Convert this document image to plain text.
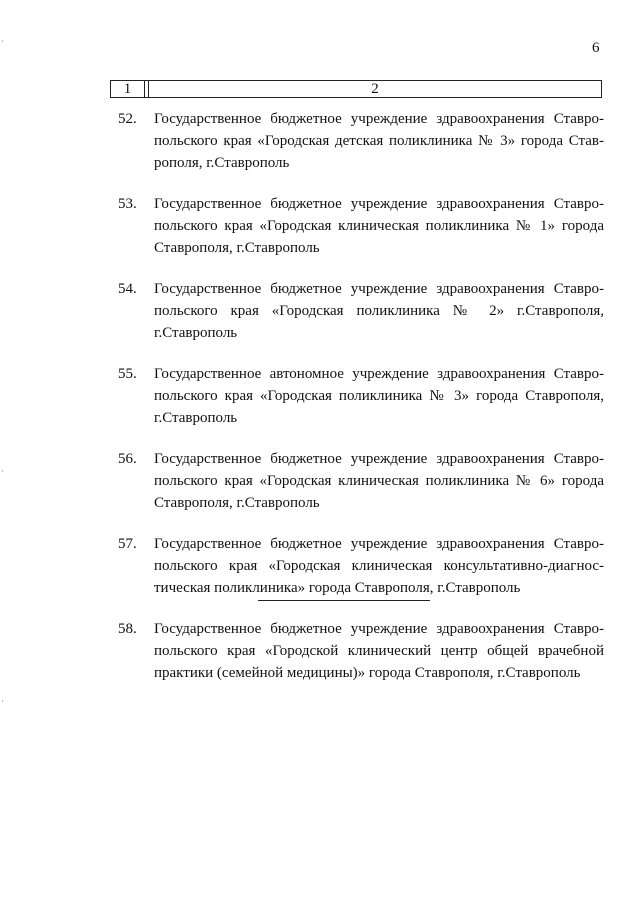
6
1	2
52.	Государственное бюджетное учреждение здравоохранения Ставро-
польского края «Городская детская поликлиника № 3» города Став-
рополя, г.Ставрополь
53.	Государственное бюджетное учреждение здравоохранения Ставро-
польского края «Городская клиническая поликлиника № 1» города
Ставрополя, г.Ставрополь
54.	Государственное бюджетное учреждение здравоохранения Ставро-
польского края «Городская поликлиника № 2» г.Ставрополя,
г.Ставрополь
55.	Государственное автономное учреждение здравоохранения Ставро-
польского края «Городская поликлиника № 3» города Ставрополя,
г.Ставрополь
56.	Государственное бюджетное учреждение здравоохранения Ставро-
польского края «Городская клиническая поликлиника № 6» города
Ставрополя, г.Ставрополь
57.	Государственное бюджетное учреждение здравоохранения Ставро-
польского края «Городская клиническая консультативно-диагнос-
тическая поликлиника» города Ставрополя, г.Ставрополь
58.	Государственное бюджетное учреждение здравоохранения Ставро-
польского края «Городской клинический центр общей врачебной
практики (семейной медицины)» города Ставрополя, г.Ставрополь
